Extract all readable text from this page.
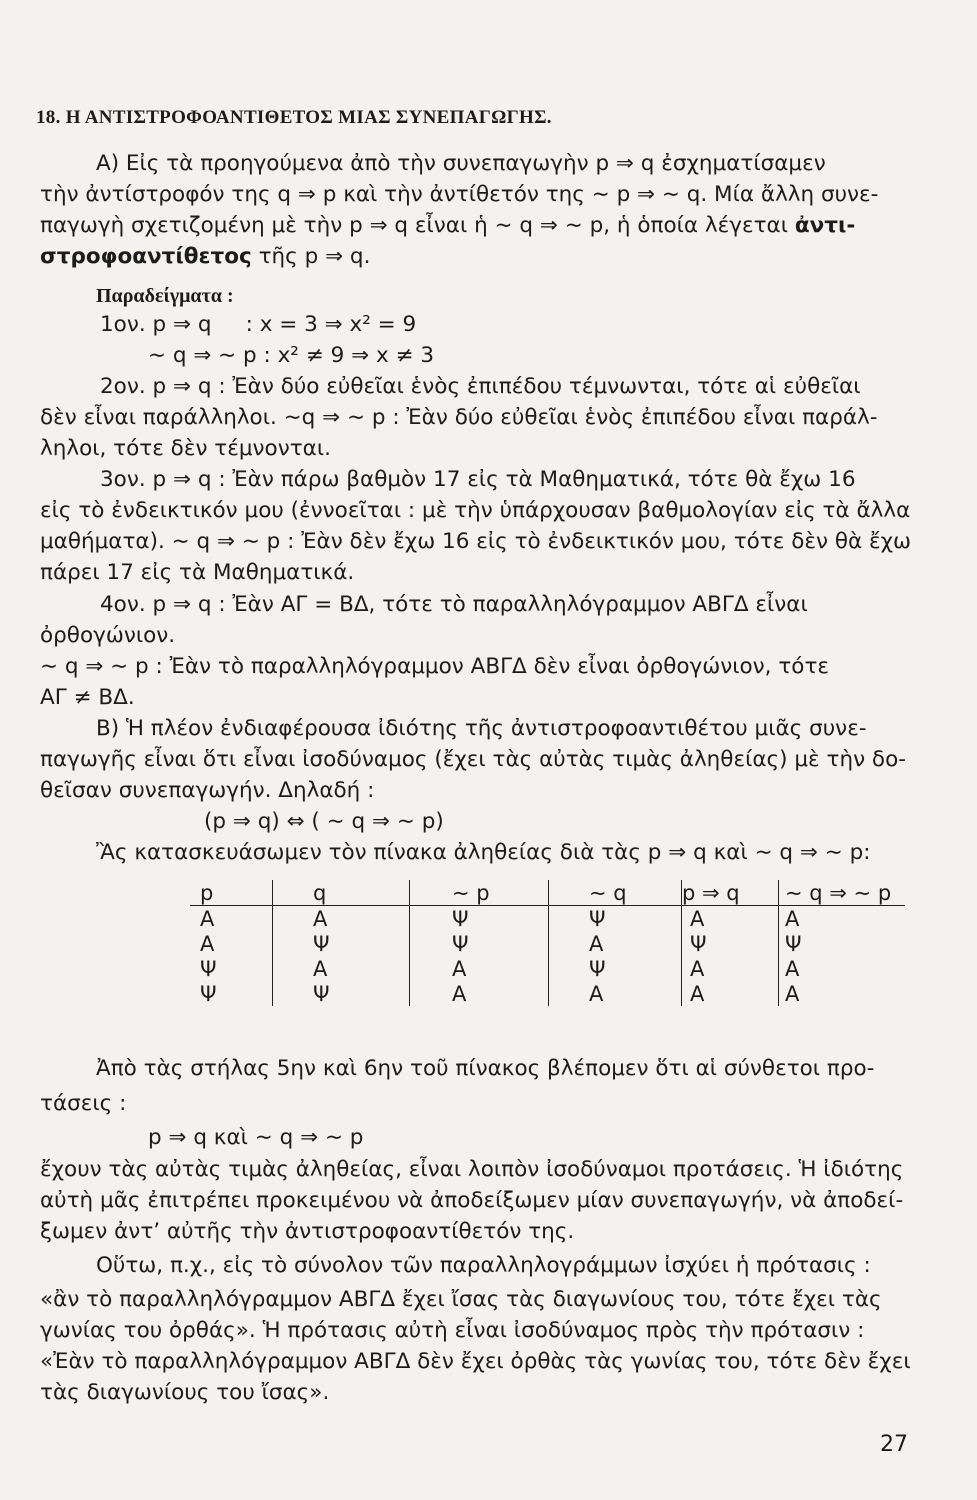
18. Η ΑΝΤΙΣΤΡΟΦΟΑΝΤΙΘΕΤΟΣ ΜΙΑΣ ΣΥΝΕΠΑΓΩΓΗΣ.
Α) Εἰς τὰ προηγούμενα ἀπὸ τὴν συνεπαγωγὴν p ⇒ q ἐσχηματίσαμεν
τὴν ἀντίστροφόν της q ⇒ p καὶ τὴν ἀντίθετόν της ∼ p ⇒ ∼ q. Μία ἄλλη συνε-
παγωγὴ σχετιζομένη μὲ τὴν p ⇒ q εἶναι ἡ ∼ q ⇒ ∼ p, ἡ ὁποία λέγεται ἀντι-
στροφοαντίθετος τῆς p ⇒ q.
Παραδείγματα :
1ον. p ⇒ q     : x = 3 ⇒ x² = 9
∼ q ⇒ ∼ p : x² ≠ 9 ⇒ x ≠ 3
2ον. p ⇒ q : Ἐὰν δύο εὐθεῖαι ἑνὸς ἐπιπέδου τέμνωνται, τότε αἱ εὐθεῖαι
δὲν εἶναι παράλληλοι. ∼q ⇒ ∼ p : Ἐὰν δύο εὐθεῖαι ἑνὸς ἐπιπέδου εἶναι παράλ-
ληλοι, τότε δὲν τέμνονται.
3ον. p ⇒ q : Ἐὰν πάρω βαθμὸν 17 εἰς τὰ Μαθηματικά, τότε θὰ ἔχω 16
εἰς τὸ ἐνδεικτικόν μου (ἐννοεῖται : μὲ τὴν ὑπάρχουσαν βαθμολογίαν εἰς τὰ ἄλλα
μαθήματα). ∼ q ⇒ ∼ p : Ἐὰν δὲν ἔχω 16 εἰς τὸ ἐνδεικτικόν μου, τότε δὲν θὰ ἔχω
πάρει 17 εἰς τὰ Μαθηματικά.
4ον. p ⇒ q : Ἐὰν ΑΓ = ΒΔ, τότε τὸ παραλληλόγραμμον ΑΒΓΔ εἶναι
ὀρθογώνιον.
∼ q ⇒ ∼ p : Ἐὰν τὸ παραλληλόγραμμον ΑΒΓΔ δὲν εἶναι ὀρθογώνιον, τότε
ΑΓ ≠ ΒΔ.
Β) Ἡ πλέον ἐνδιαφέρουσα ἰδιότης τῆς ἀντιστροφοαντιθέτου μιᾶς συνε-
παγωγῆς εἶναι ὅτι εἶναι ἰσοδύναμος (ἔχει τὰς αὐτὰς τιμὰς ἀληθείας) μὲ τὴν δο-
θεῖσαν συνεπαγωγήν. Δηλαδή :
(p ⇒ q) ⇔ ( ∼ q ⇒ ∼ p)
Ἂς κατασκευάσωμεν τὸν πίνακα ἀληθείας διὰ τὰς p ⇒ q καὶ ∼ q ⇒ ∼ p:
p	q	∼ p	∼ q	p ⇒ q	∼ q ⇒ ∼ p
Α	Α	Ψ	Ψ	Α	Α
Α	Ψ	Ψ	Α	Ψ	Ψ
Ψ	Α	Α	Ψ	Α	Α
Ψ	Ψ	Α	Α	Α	Α
Ἀπὸ τὰς στήλας 5ην καὶ 6ην τοῦ πίνακος βλέπομεν ὅτι αἱ σύνθετοι προ-
τάσεις :
p ⇒ q καὶ ∼ q ⇒ ∼ p
ἔχουν τὰς αὐτὰς τιμὰς ἀληθείας, εἶναι λοιπὸν ἰσοδύναμοι προτάσεις. Ἡ ἰδιότης
αὐτὴ μᾶς ἐπιτρέπει προκειμένου νὰ ἀποδείξωμεν μίαν συνεπαγωγήν, νὰ ἀποδεί-
ξωμεν ἀντ’ αὐτῆς τὴν ἀντιστροφοαντίθετόν της.
Οὕτω, π.χ., εἰς τὸ σύνολον τῶν παραλληλογράμμων ἰσχύει ἡ πρότασις :
«ἂν τὸ παραλληλόγραμμον ΑΒΓΔ ἔχει ἴσας τὰς διαγωνίους του, τότε ἔχει τὰς
γωνίας του ὀρθάς». Ἡ πρότασις αὐτὴ εἶναι ἰσοδύναμος πρὸς τὴν πρότασιν :
«Ἐὰν τὸ παραλληλόγραμμον ΑΒΓΔ δὲν ἔχει ὀρθὰς τὰς γωνίας του, τότε δὲν ἔχει
τὰς διαγωνίους του ἴσας».
27
